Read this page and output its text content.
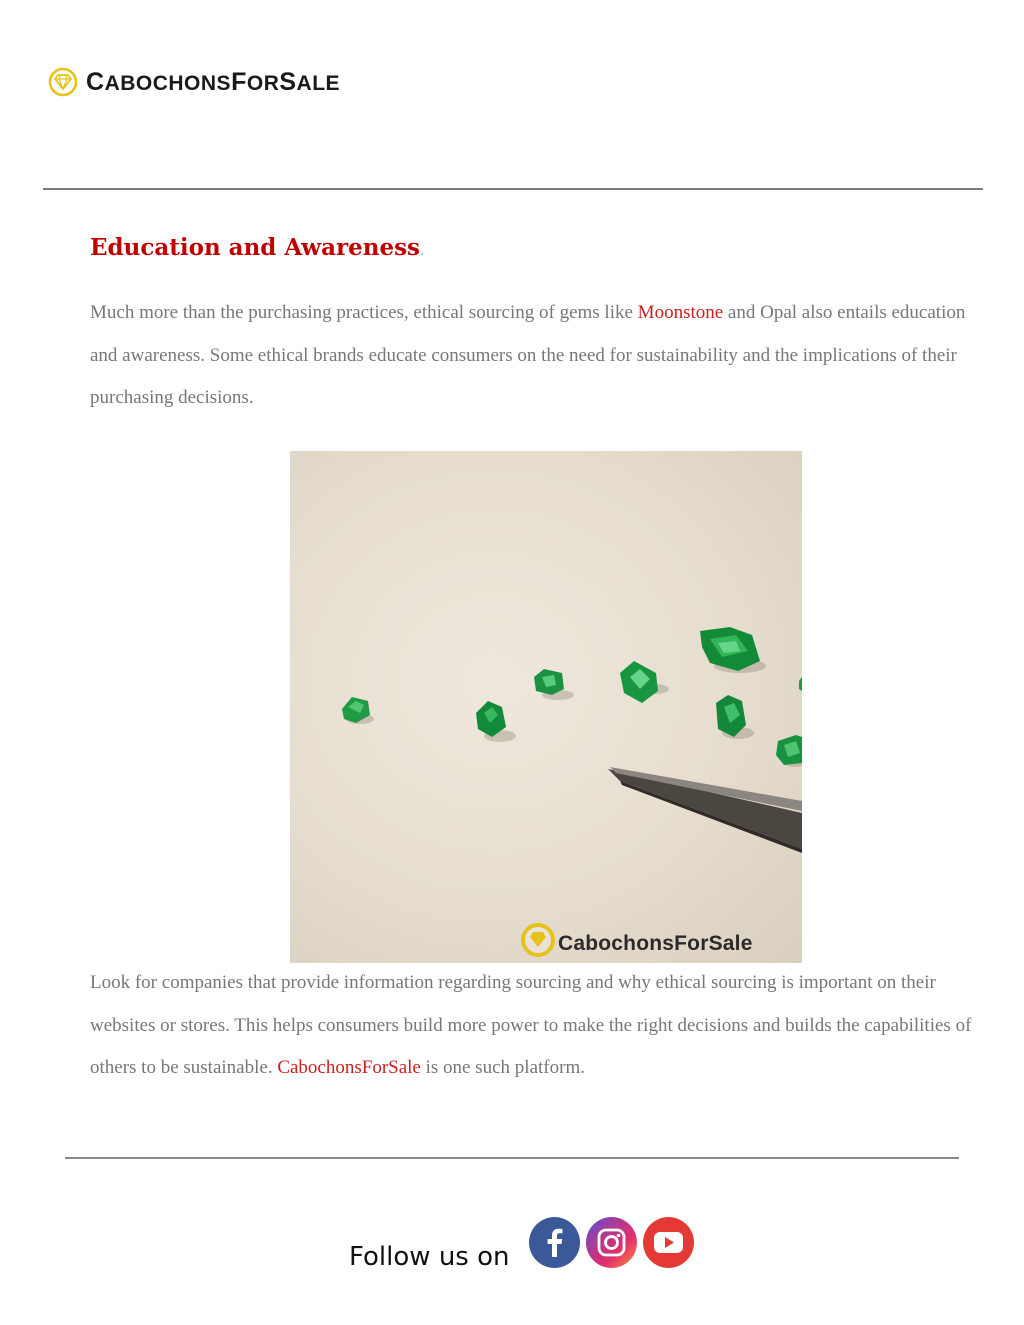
CABOCHONSFORSALE
Education and Awareness.

Much more than the purchasing practices, ethical sourcing of gems like Moonstone and Opal also entails education and awareness. Some ethical brands educate consumers on the need for sustainability and the implications of their purchasing decisions.

CabochonsForSale

Look for companies that provide information regarding sourcing and why ethical sourcing is important on their websites or stores. This helps consumers build more power to make the right decisions and builds the capabilities of others to be sustainable. CabochonsForSale is one such platform.

Follow us on
